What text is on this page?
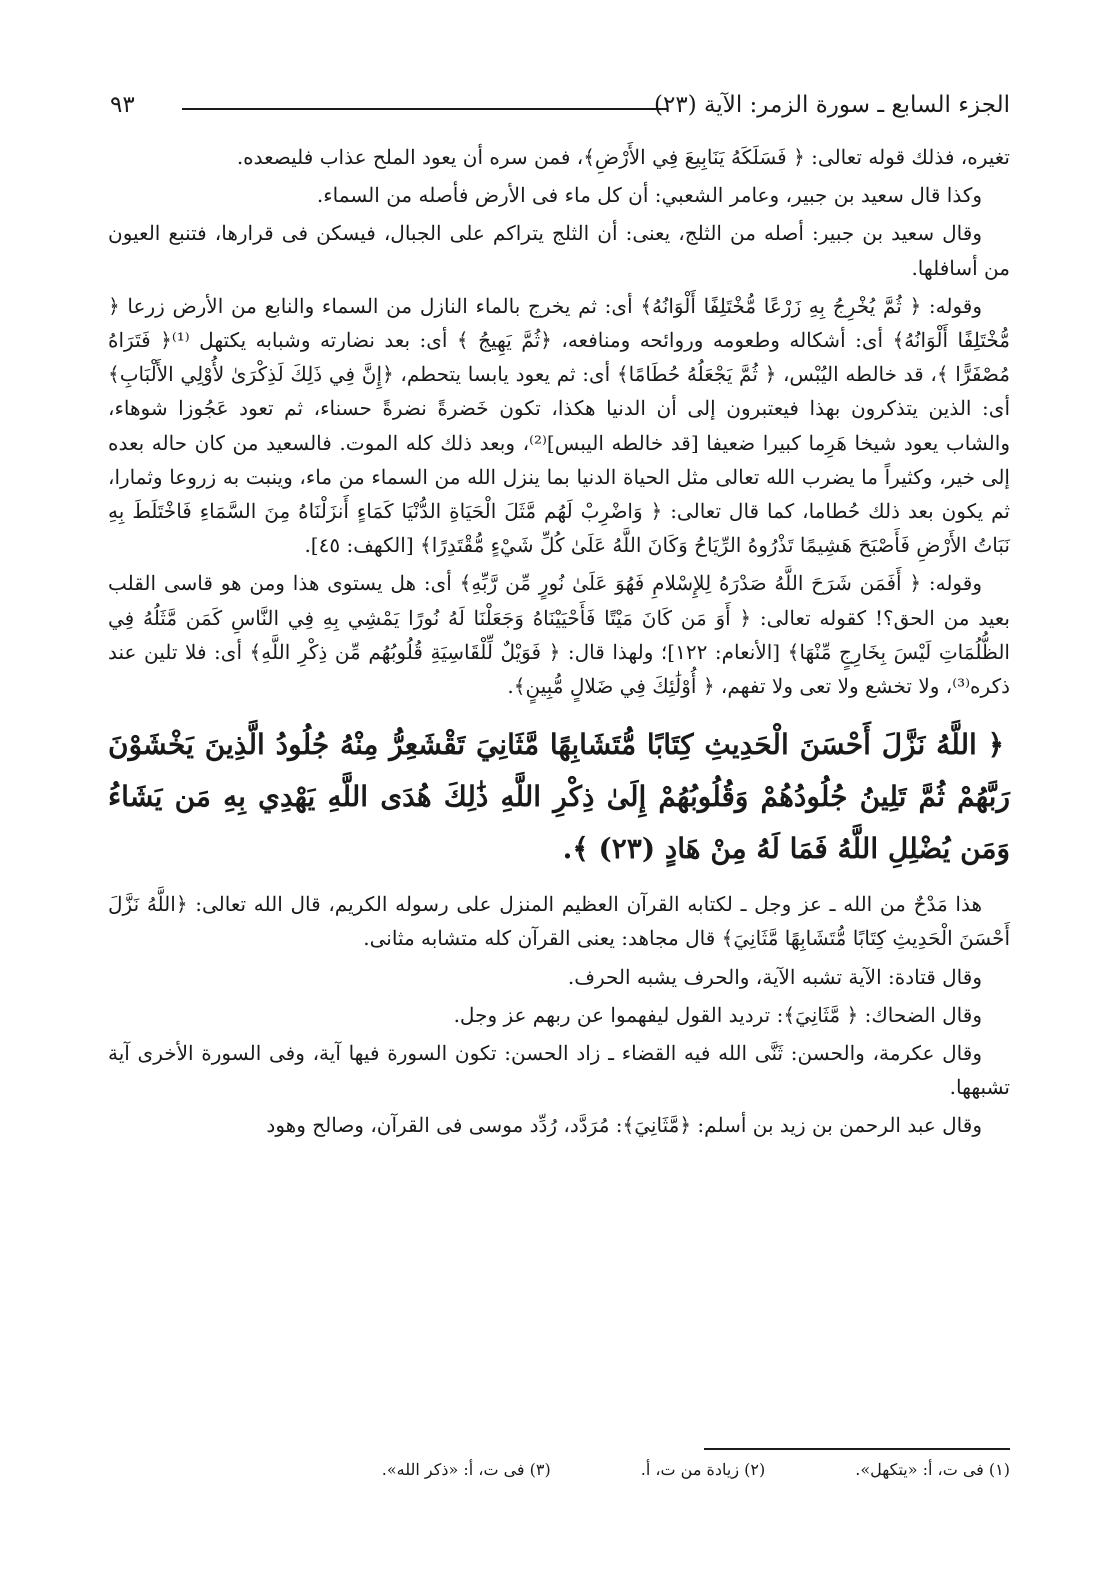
الجزء السابع ـ سورة الزمر: الآية (٢٣)
٩٣

تغيره، فذلك قوله تعالى: ﴿ فَسَلَكَهُ يَنَابِيعَ فِي الأَرْضِ﴾، فمن سره أن يعود الملح عذاب فليصعده.

وكذا قال سعيد بن جبير، وعامر الشعبي: أن كل ماء فى الأرض فأصله من السماء.

وقال سعيد بن جبير: أصله من الثلج، يعنى: أن الثلج يتراكم على الجبال، فيسكن فى قرارها، فتنبع العيون من أسافلها.

وقوله: ﴿ ثُمَّ يُخْرِجُ بِهِ زَرْعًا مُّخْتَلِفًا أَلْوَانُهُ﴾ أى: ثم يخرج بالماء النازل من السماء والنابع من الأرض زرعا ﴿ مُّخْتَلِفًا أَلْوَانُهُ﴾ أى: أشكاله وطعومه وروائحه ومنافعه، ﴿ثُمَّ يَهِيجُ ﴾ أى: بعد نضارته وشبابه يكتهل ⁽¹⁾﴿ فَتَرَاهُ مُصْفَرًّا ﴾، قد خالطه اليُبْس، ﴿ ثُمَّ يَجْعَلُهُ حُطَامًا﴾ أى: ثم يعود يابسا يتحطم، ﴿إِنَّ فِي ذَلِكَ لَذِكْرَىٰ لأُوْلِي الأَلْبَابِ﴾ أى: الذين يتذكرون بهذا فيعتبرون إلى أن الدنيا هكذا، تكون خَضرةً نضرةً حسناء، ثم تعود عَجُوزا شوهاء، والشاب يعود شيخا هَرِما كبيرا ضعيفا [قد خالطه اليبس]⁽²⁾، وبعد ذلك كله الموت. فالسعيد من كان حاله بعده إلى خير، وكثيراً ما يضرب الله تعالى مثل الحياة الدنيا بما ينزل الله من السماء من ماء، وينبت به زروعا وثمارا، ثم يكون بعد ذلك حُطاما، كما قال تعالى: ﴿ وَاضْرِبْ لَهُم مَّثَلَ الْحَيَاةِ الدُّنْيَا كَمَاءٍ أَنزَلْنَاهُ مِنَ السَّمَاءِ فَاخْتَلَطَ بِهِ نَبَاتُ الأَرْضِ فَأَصْبَحَ هَشِيمًا تَذْرُوهُ الرِّيَاحُ وَكَانَ اللَّهُ عَلَىٰ كُلِّ شَيْءٍ مُّقْتَدِرًا﴾ [الكهف: ٤٥].

وقوله: ﴿ أَفَمَن شَرَحَ اللَّهُ صَدْرَهُ لِلإِسْلامِ فَهُوَ عَلَىٰ نُورٍ مِّن رَّبِّهِ﴾ أى: هل يستوى هذا ومن هو قاسى القلب بعيد من الحق؟! كقوله تعالى: ﴿ أَوَ مَن كَانَ مَيْتًا فَأَحْيَيْنَاهُ وَجَعَلْنَا لَهُ نُورًا يَمْشِي بِهِ فِي النَّاسِ كَمَن مَّثَلُهُ فِي الظُّلُمَاتِ لَيْسَ بِخَارِجٍ مِّنْهَا﴾ [الأنعام: ١٢٢]؛ ولهذا قال: ﴿ فَوَيْلٌ لِّلْقَاسِيَةِ قُلُوبُهُم مِّن ذِكْرِ اللَّهِ﴾ أى: فلا تلين عند ذكره⁽³⁾، ولا تخشع ولا تعى ولا تفهم، ﴿ أُوْلَٰئِكَ فِي ضَلالٍ مُّبِينٍ﴾.

﴿ اللَّهُ نَزَّلَ أَحْسَنَ الْحَدِيثِ كِتَابًا مُّتَشَابِهًا مَّثَانِيَ تَقْشَعِرُّ مِنْهُ جُلُودُ الَّذِينَ يَخْشَوْنَ رَبَّهُمْ ثُمَّ تَلِينُ جُلُودُهُمْ وَقُلُوبُهُمْ إِلَىٰ ذِكْرِ اللَّهِ ذَٰلِكَ هُدَى اللَّهِ يَهْدِي بِهِ مَن يَشَاءُ وَمَن يُضْلِلِ اللَّهُ فَمَا لَهُ مِنْ هَادٍ (٢٣) ﴾.

هذا مَدْحٌ من الله ـ عز وجل ـ لكتابه القرآن العظيم المنزل على رسوله الكريم، قال الله تعالى: ﴿اللَّهُ نَزَّلَ أَحْسَنَ الْحَدِيثِ كِتَابًا مُّتَشَابِهًا مَّثَانِيَ﴾ قال مجاهد: يعنى القرآن كله متشابه مثانى.

وقال قتادة: الآية تشبه الآية، والحرف يشبه الحرف.

وقال الضحاك: ﴿ مَّثَانِيَ﴾: ترديد القول ليفهموا عن ربهم عز وجل.

وقال عكرمة، والحسن: ثَنَّى الله فيه القضاء ـ زاد الحسن: تكون السورة فيها آية، وفى السورة الأخرى آية تشبهها.

وقال عبد الرحمن بن زيد بن أسلم: ﴿مَّثَانِيَ﴾: مُرَدَّد، رُدِّد موسى فى القرآن، وصالح وهود

(١) فى ت، أ: «يتكهل».
(٢) زيادة من ت، أ.
(٣) فى ت، أ: «ذكر الله».
